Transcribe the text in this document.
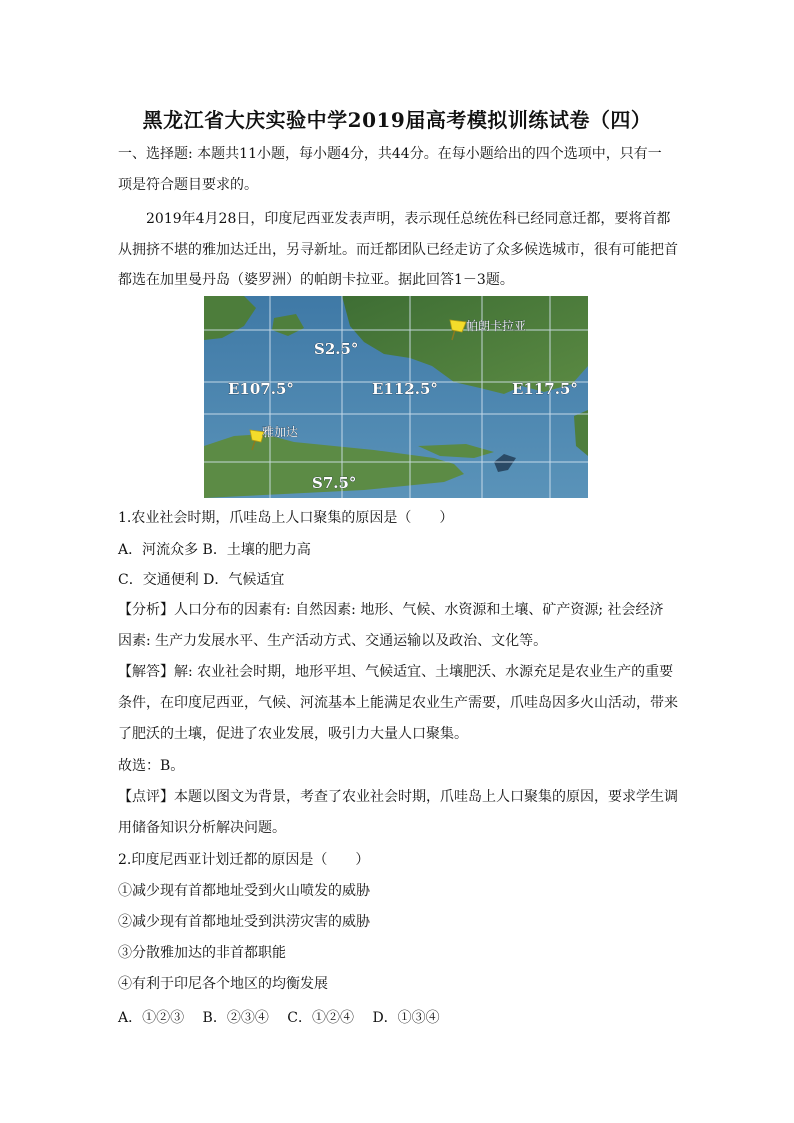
黑龙江省大庆实验中学2019届高考模拟训练试卷（四）

一、选择题: 本题共11小题，每小题4分，共44分。在每小题给出的四个选项中，只有一

项是符合题目要求的。

2019年4月28日，印度尼西亚发表声明，表示现任总统佐科已经同意迁都，要将首都

从拥挤不堪的雅加达迁出，另寻新址。而迁都团队已经走访了众多候选城市，很有可能把首

都选在加里曼丹岛（婆罗洲）的帕朗卡拉亚。据此回答1－3题。

S2.5°
E107.5°	E112.5°	E117.5°
S7.5°
帕朗卡拉亚
雅加达

1.农业社会时期，爪哇岛上人口聚集的原因是（　　）

A．河流众多 B．土壤的肥力高

C．交通便利 D．气候适宜

【分析】人口分布的因素有: 自然因素: 地形、气候、水资源和土壤、矿产资源; 社会经济

因素: 生产力发展水平、生产活动方式、交通运输以及政治、文化等。

【解答】解: 农业社会时期，地形平坦、气候适宜、土壤肥沃、水源充足是农业生产的重要

条件，在印度尼西亚，气候、河流基本上能满足农业生产需要，爪哇岛因多火山活动，带来

了肥沃的土壤，促进了农业发展，吸引力大量人口聚集。

故选：B。

【点评】本题以图文为背景，考查了农业社会时期，爪哇岛上人口聚集的原因，要求学生调

用储备知识分析解决问题。

2.印度尼西亚计划迁都的原因是（　　）

①减少现有首都地址受到火山喷发的威胁

②减少现有首都地址受到洪涝灾害的威胁

③分散雅加达的非首都职能

④有利于印尼各个地区的均衡发展

A．①②③　 B．②③④　 C．①②④　 D．①③④
